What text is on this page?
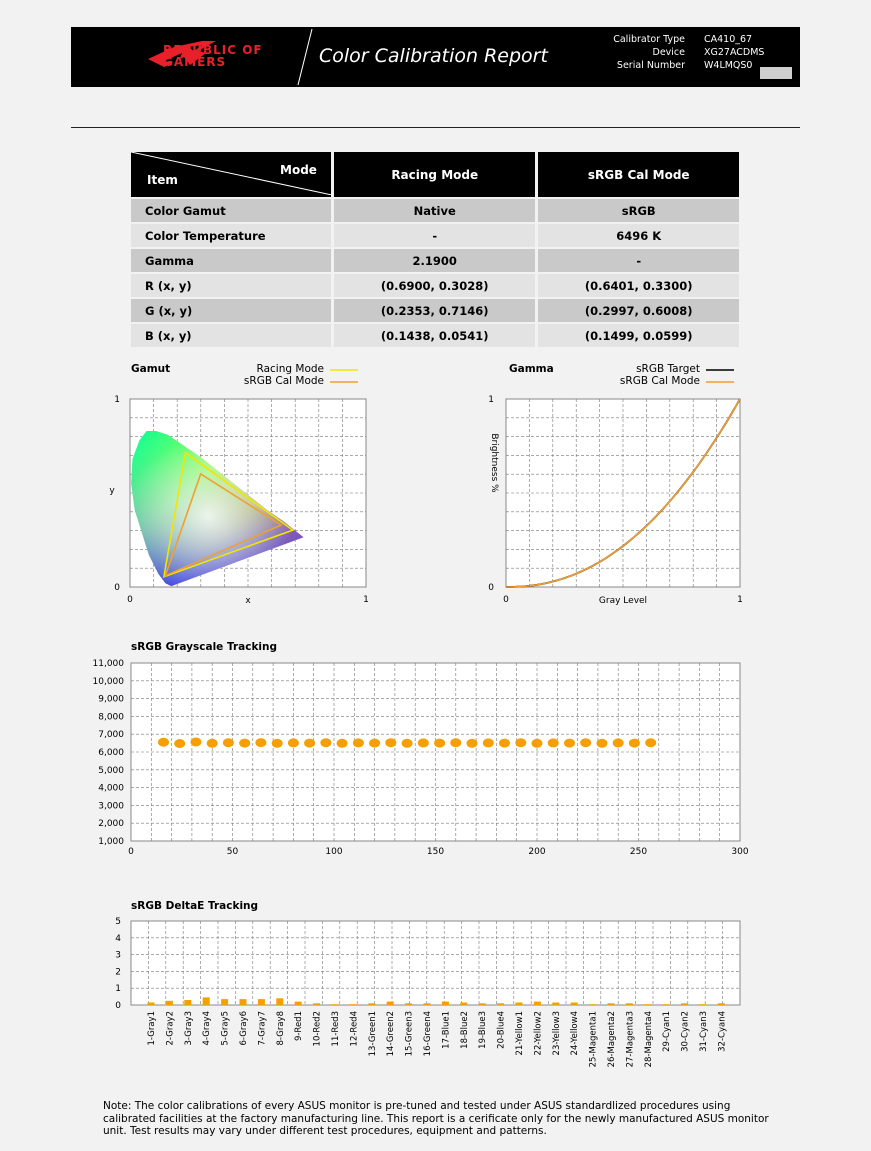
REPUBLIC OF
GAMERS	Color Calibration Report
Calibrator Type
Device
Serial Number
CA410_67
XG27ACDMS
W4LMQS0
Mode
Item	Racing Mode	sRGB Cal Mode
Color Gamut	Native	sRGB
Color Temperature	-	6496 K
Gamma	2.1900	-
R (x, y)	(0.6900, 0.3028)	(0.6401, 0.3300)
G (x, y)	(0.2353, 0.7146)	(0.2997, 0.6008)
B (x, y)	(0.1438, 0.0541)	(0.1499, 0.0599)
Gamut	Racing Mode
sRGB Cal Mode
1
0
0	1
x
y
Gamma	sRGB Target
sRGB Cal Mode
1
0
0	1
Gray Level
Brightness %
sRGB Grayscale Tracking
1,000
2,000
3,000
4,000
5,000
6,000
7,000
8,000
9,000
10,000
11,000
0	50	100	150	200	250	300
sRGB DeltaE Tracking
0
1
2
3
4
5
1-Gray1 2-Gray2 3-Gray3 4-Gray4 5-Gray5 6-Gray6 7-Gray7 8-Gray8 9-Red1 10-Red2 11-Red3 12-Red4 13-Green1 14-Green2 15-Green3 16-Green4 17-Blue1 18-Blue2 19-Blue3 20-Blue4 21-Yellow1 22-Yellow2 23-Yellow3 24-Yellow4 25-Magenta1 26-Magenta2 27-Magenta3 28-Magenta4 29-Cyan1 30-Cyan2 31-Cyan3 32-Cyan4
Note: The color calibrations of every ASUS monitor is pre-tuned and tested under ASUS standardlized procedures using calibrated facilities at the factory manufacturing line. This report is a cerificate only for the newly manufactured ASUS monitor unit. Test results may vary under different test procedures, equipment and patterns.
